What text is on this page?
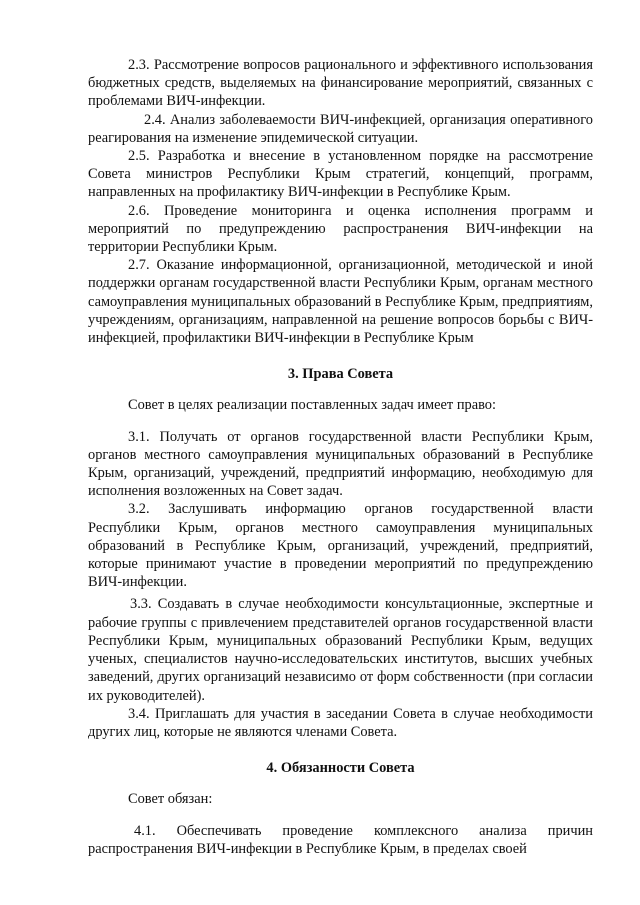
2.3. Рассмотрение вопросов рационального и эффективного использования бюджетных средств, выделяемых на финансирование мероприятий, связанных с проблемами ВИЧ-инфекции.

2.4. Анализ заболеваемости ВИЧ-инфекцией, организация оперативного реагирования на изменение эпидемической ситуации.

2.5. Разработка и внесение в установленном порядке на рассмотрение Совета министров Республики Крым стратегий, концепций, программ, направленных на профилактику ВИЧ-инфекции в Республике Крым.

2.6. Проведение мониторинга и оценка исполнения программ и мероприятий по предупреждению распространения ВИЧ-инфекции на территории Республики Крым.

2.7. Оказание информационной, организационной, методической и иной поддержки органам государственной власти Республики Крым, органам местного самоуправления муниципальных образований в Республике Крым, предприятиям, учреждениям, организациям, направленной на решение вопросов борьбы с ВИЧ-инфекцией, профилактики ВИЧ-инфекции в Республике Крым

3. Права Совета

Совет в целях реализации поставленных задач имеет право:

3.1. Получать от органов государственной власти Республики Крым, органов местного самоуправления муниципальных образований в Республике Крым, организаций, учреждений, предприятий информацию, необходимую для исполнения возложенных на Совет задач.

3.2. Заслушивать информацию органов государственной власти Республики Крым, органов местного самоуправления муниципальных образований в Республике Крым, организаций, учреждений, предприятий, которые принимают участие в проведении мероприятий по предупреждению ВИЧ-инфекции.

3.3. Создавать в случае необходимости консультационные, экспертные и рабочие группы с привлечением представителей органов государственной власти Республики Крым, муниципальных образований Республики Крым, ведущих ученых, специалистов научно-исследовательских институтов, высших учебных заведений, других организаций независимо от форм собственности (при согласии их руководителей).

3.4. Приглашать для участия в заседании Совета в случае необходимости других лиц, которые не являются членами Совета.

4. Обязанности Совета

Совет обязан:

4.1. Обеспечивать проведение комплексного анализа причин распространения ВИЧ-инфекции в Республике Крым, в пределах своей
